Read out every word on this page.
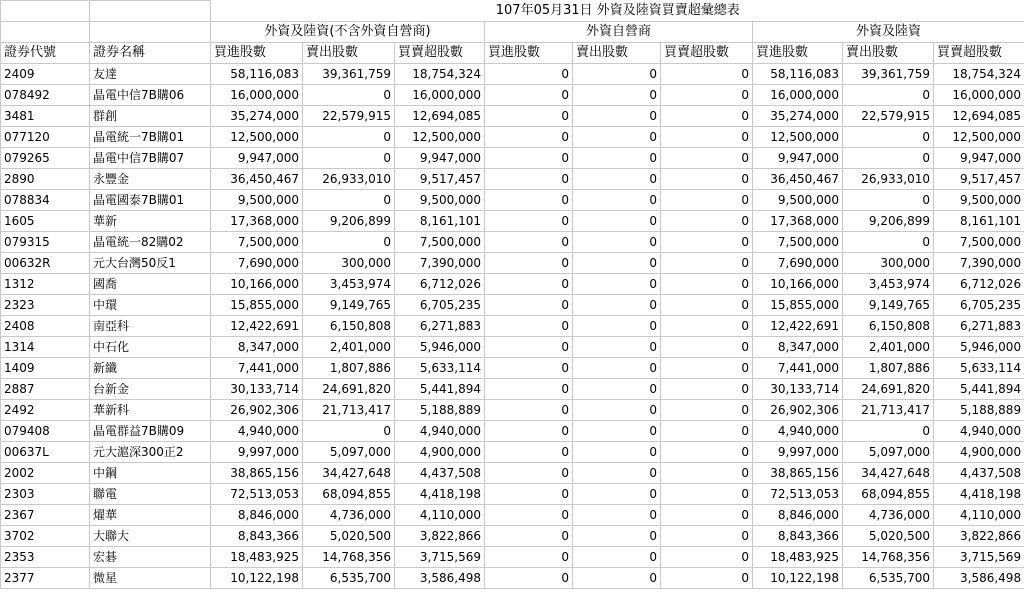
		107年05月31日 外資及陸資買賣超彙總表								
		外資及陸資(不含外資自營商)			外資自營商			外資及陸資		
證券代號	證券名稱	買進股數	賣出股數	買賣超股數	買進股數	賣出股數	買賣超股數	買進股數	賣出股數	買賣超股數
2409	友達	58,116,083	39,361,759	18,754,324	0	0	0	58,116,083	39,361,759	18,754,324
078492	晶電中信7B購06	16,000,000	0	16,000,000	0	0	0	16,000,000	0	16,000,000
3481	群創	35,274,000	22,579,915	12,694,085	0	0	0	35,274,000	22,579,915	12,694,085
077120	晶電統一7B購01	12,500,000	0	12,500,000	0	0	0	12,500,000	0	12,500,000
079265	晶電中信7B購07	9,947,000	0	9,947,000	0	0	0	9,947,000	0	9,947,000
2890	永豐金	36,450,467	26,933,010	9,517,457	0	0	0	36,450,467	26,933,010	9,517,457
078834	晶電國泰7B購01	9,500,000	0	9,500,000	0	0	0	9,500,000	0	9,500,000
1605	華新	17,368,000	9,206,899	8,161,101	0	0	0	17,368,000	9,206,899	8,161,101
079315	晶電統一82購02	7,500,000	0	7,500,000	0	0	0	7,500,000	0	7,500,000
00632R	元大台灣50反1	7,690,000	300,000	7,390,000	0	0	0	7,690,000	300,000	7,390,000
1312	國喬	10,166,000	3,453,974	6,712,026	0	0	0	10,166,000	3,453,974	6,712,026
2323	中環	15,855,000	9,149,765	6,705,235	0	0	0	15,855,000	9,149,765	6,705,235
2408	南亞科	12,422,691	6,150,808	6,271,883	0	0	0	12,422,691	6,150,808	6,271,883
1314	中石化	8,347,000	2,401,000	5,946,000	0	0	0	8,347,000	2,401,000	5,946,000
1409	新纖	7,441,000	1,807,886	5,633,114	0	0	0	7,441,000	1,807,886	5,633,114
2887	台新金	30,133,714	24,691,820	5,441,894	0	0	0	30,133,714	24,691,820	5,441,894
2492	華新科	26,902,306	21,713,417	5,188,889	0	0	0	26,902,306	21,713,417	5,188,889
079408	晶電群益7B購09	4,940,000	0	4,940,000	0	0	0	4,940,000	0	4,940,000
00637L	元大滬深300正2	9,997,000	5,097,000	4,900,000	0	0	0	9,997,000	5,097,000	4,900,000
2002	中鋼	38,865,156	34,427,648	4,437,508	0	0	0	38,865,156	34,427,648	4,437,508
2303	聯電	72,513,053	68,094,855	4,418,198	0	0	0	72,513,053	68,094,855	4,418,198
2367	燿華	8,846,000	4,736,000	4,110,000	0	0	0	8,846,000	4,736,000	4,110,000
3702	大聯大	8,843,366	5,020,500	3,822,866	0	0	0	8,843,366	5,020,500	3,822,866
2353	宏碁	18,483,925	14,768,356	3,715,569	0	0	0	18,483,925	14,768,356	3,715,569
2377	微星	10,122,198	6,535,700	3,586,498	0	0	0	10,122,198	6,535,700	3,586,498
